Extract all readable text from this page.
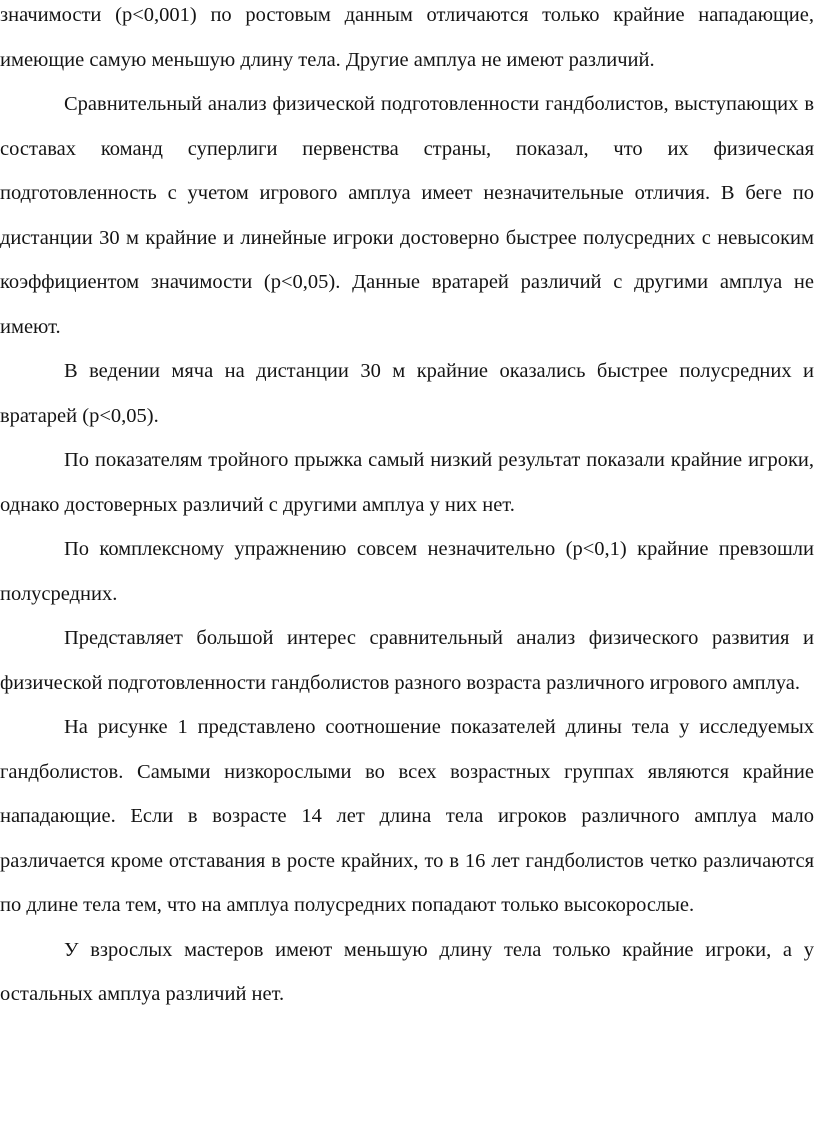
значимости (p<0,001) по ростовым данным отличаются только крайние нападающие, имеющие самую меньшую длину тела. Другие амплуа не имеют различий.

Сравнительный анализ физической подготовленности гандболистов, выступающих в составах команд суперлиги первенства страны, показал, что их физическая подготовленность с учетом игрового амплуа имеет незначительные отличия. В беге по дистанции 30 м крайние и линейные игроки достоверно быстрее полусредних с невысоким коэффициентом значимости (p<0,05). Данные вратарей различий с другими амплуа не имеют.

В ведении мяча на дистанции 30 м крайние оказались быстрее полусредних и вратарей (p<0,05).

По показателям тройного прыжка самый низкий результат показали крайние игроки, однако достоверных различий с другими амплуа у них нет.

По комплексному упражнению совсем незначительно (p<0,1) крайние превзошли полусредних.

Представляет большой интерес сравнительный анализ физического развития и физической подготовленности гандболистов разного возраста различного игрового амплуа.

На рисунке 1 представлено соотношение показателей длины тела у исследуемых гандболистов. Самыми низкорослыми во всех возрастных группах являются крайние нападающие. Если в возрасте 14 лет длина тела игроков различного амплуа мало различается кроме отставания в росте крайних, то в 16 лет гандболистов четко различаются по длине тела тем, что на амплуа полусредних попадают только высокорослые.

У взрослых мастеров имеют меньшую длину тела только крайние игроки, а у остальных амплуа различий нет.
